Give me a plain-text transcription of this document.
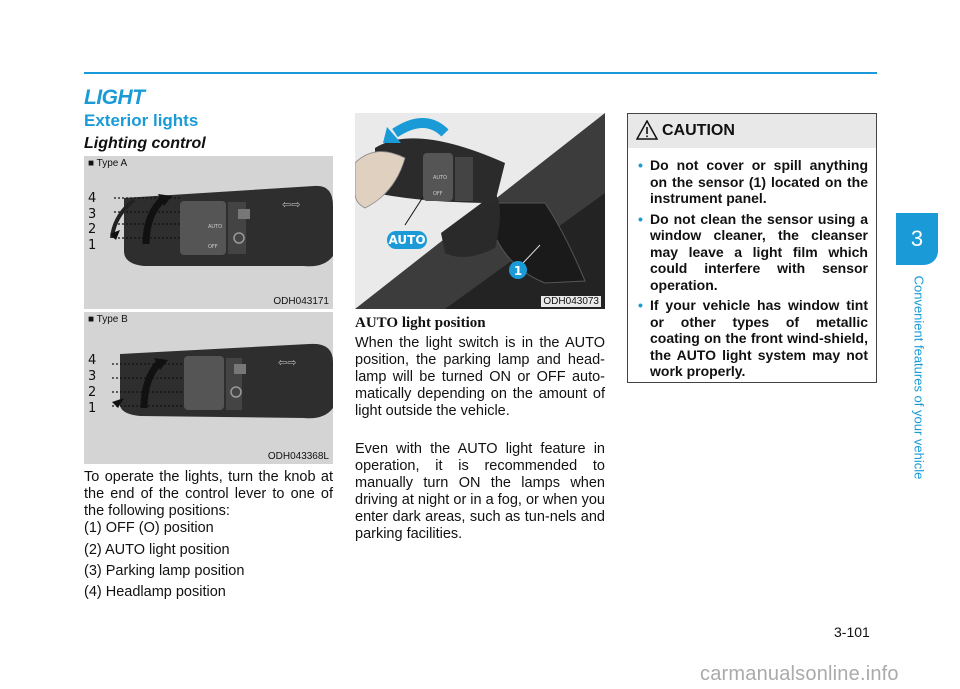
LIGHT
Exterior lights
Lighting control
⇦⇨
AUTO
OFF
4
3
2
1
■ Type A
ODH043171
⇦⇨
4
3
2
1
■ Type B
ODH043368L
AUTO
1
AUTO
OFF
ODH043073
To operate the lights, turn the knob at the end of the control lever to one of the following positions:
(1) OFF (O) position
(2) AUTO light position
(3) Parking lamp position
(4) Headlamp position
AUTO light position
When the light switch is in the AUTO position, the parking lamp and head-lamp will be turned ON or OFF auto-matically depending on the amount of light outside the vehicle.
Even with the AUTO light feature in operation, it is recommended to manually turn ON the lamps when driving at night or in a fog, or when you enter dark areas, such as tun-nels and parking facilities.
CAUTION
• Do not cover or spill anything on the sensor (1) located on the instrument panel.
• Do not clean the sensor using a window cleaner, the cleanser may leave a light film which could interfere with sensor operation.
• If your vehicle has window tint or other types of metallic coating on the front wind-shield, the AUTO light system may not work properly.
3
Convenient features of your vehicle
3-101
carmanualsonline.info
